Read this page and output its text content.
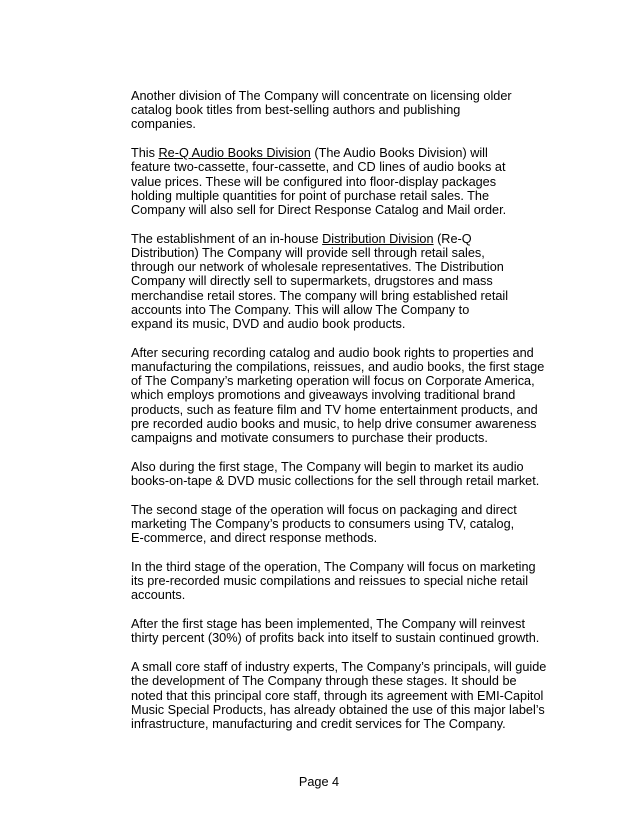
Another division of The Company will concentrate on licensing older
catalog book titles from best-selling authors and publishing
companies.

This Re-Q Audio Books Division (The Audio Books Division) will
feature two-cassette, four-cassette, and CD lines of audio books at
value prices. These will be configured into floor-display packages
holding multiple quantities for point of purchase retail sales. The
Company will also sell for Direct Response Catalog and Mail order.

The establishment of an in-house Distribution Division (Re-Q
Distribution) The Company will provide sell through retail sales,
through our network of wholesale representatives. The Distribution
Company will directly sell to supermarkets, drugstores and mass
merchandise retail stores. The company will bring established retail
accounts into The Company. This will allow The Company to
expand its music, DVD and audio book products.

After securing recording catalog and audio book rights to properties and
manufacturing the compilations, reissues, and audio books, the first stage
of The Company’s marketing operation will focus on Corporate America,
which employs promotions and giveaways involving traditional brand
products, such as feature film and TV home entertainment products, and
pre recorded audio books and music, to help drive consumer awareness
campaigns and motivate consumers to purchase their products.

Also during the first stage, The Company will begin to market its audio
books-on-tape & DVD music collections for the sell through retail market.

The second stage of the operation will focus on packaging and direct
marketing The Company’s products to consumers using TV, catalog,
E-commerce, and direct response methods.

In the third stage of the operation, The Company will focus on marketing
its pre-recorded music compilations and reissues to special niche retail
accounts.

After the first stage has been implemented, The Company will reinvest
thirty percent (30%) of profits back into itself to sustain continued growth.

A small core staff of industry experts, The Company’s principals, will guide
the development of The Company through these stages. It should be
noted that this principal core staff, through its agreement with EMI-Capitol
Music Special Products, has already obtained the use of this major label’s
infrastructure, manufacturing and credit services for The Company.

Page 4
